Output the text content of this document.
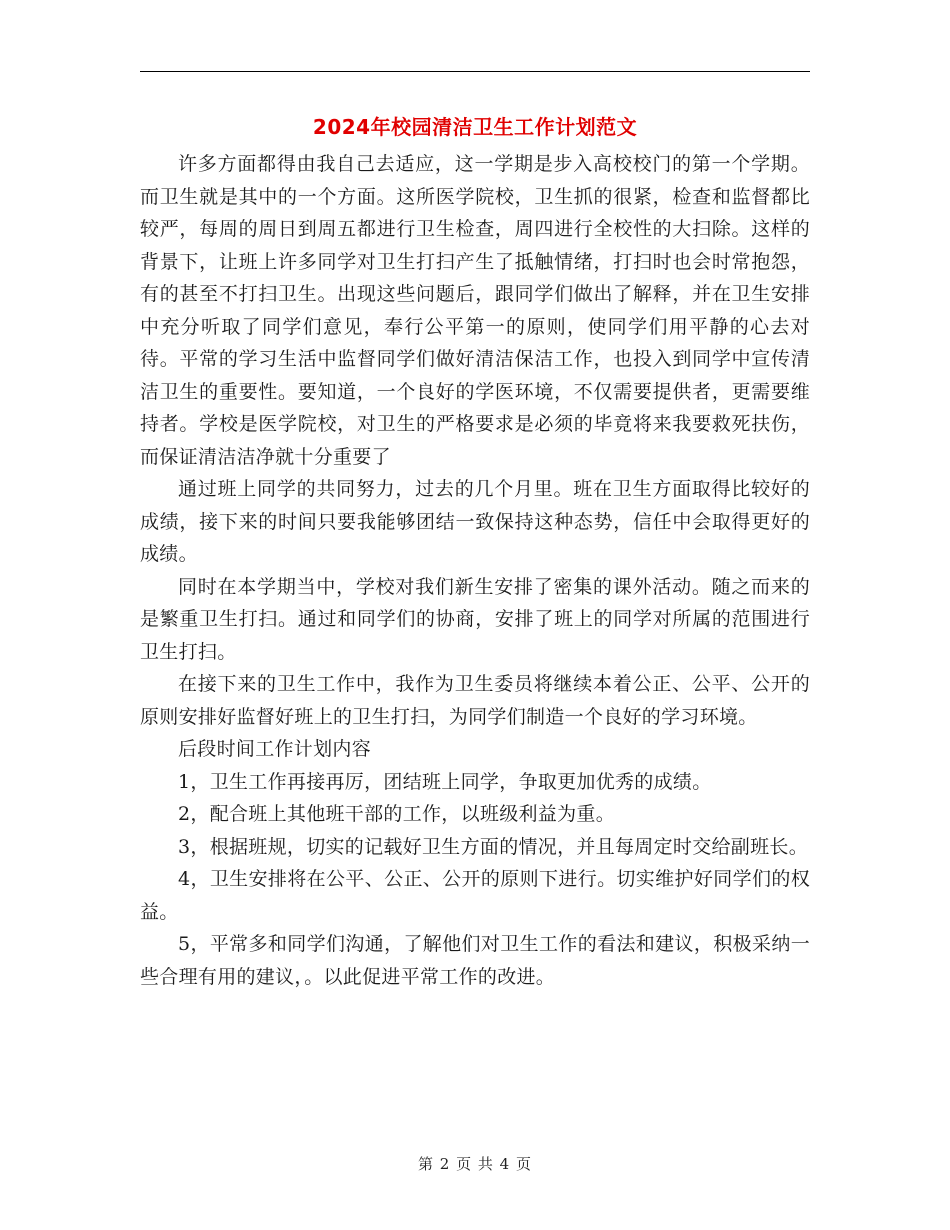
2024年校园清洁卫生工作计划范文

许多方面都得由我自己去适应，这一学期是步入高校校门的第一个学期。而卫生就是其中的一个方面。这所医学院校，卫生抓的很紧，检查和监督都比较严，每周的周日到周五都进行卫生检查，周四进行全校性的大扫除。这样的背景下，让班上许多同学对卫生打扫产生了抵触情绪，打扫时也会时常抱怨，有的甚至不打扫卫生。出现这些问题后，跟同学们做出了解释，并在卫生安排中充分听取了同学们意见，奉行公平第一的原则，使同学们用平静的心去对待。平常的学习生活中监督同学们做好清洁保洁工作，也投入到同学中宣传清洁卫生的重要性。要知道，一个良好的学医环境，不仅需要提供者，更需要维持者。学校是医学院校，对卫生的严格要求是必须的毕竟将来我要救死扶伤，而保证清洁洁净就十分重要了

通过班上同学的共同努力，过去的几个月里。班在卫生方面取得比较好的成绩，接下来的时间只要我能够团结一致保持这种态势，信任中会取得更好的成绩。

同时在本学期当中，学校对我们新生安排了密集的课外活动。随之而来的是繁重卫生打扫。通过和同学们的协商，安排了班上的同学对所属的范围进行卫生打扫。

在接下来的卫生工作中，我作为卫生委员将继续本着公正、公平、公开的原则安排好监督好班上的卫生打扫，为同学们制造一个良好的学习环境。

后段时间工作计划内容

1，卫生工作再接再厉，团结班上同学，争取更加优秀的成绩。

2，配合班上其他班干部的工作，以班级利益为重。

3，根据班规，切实的记载好卫生方面的情况，并且每周定时交给副班长。

4，卫生安排将在公平、公正、公开的原则下进行。切实维护好同学们的权益。

5，平常多和同学们沟通，了解他们对卫生工作的看法和建议，积极采纳一些合理有用的建议，。以此促进平常工作的改进。

第 2 页 共 4 页
